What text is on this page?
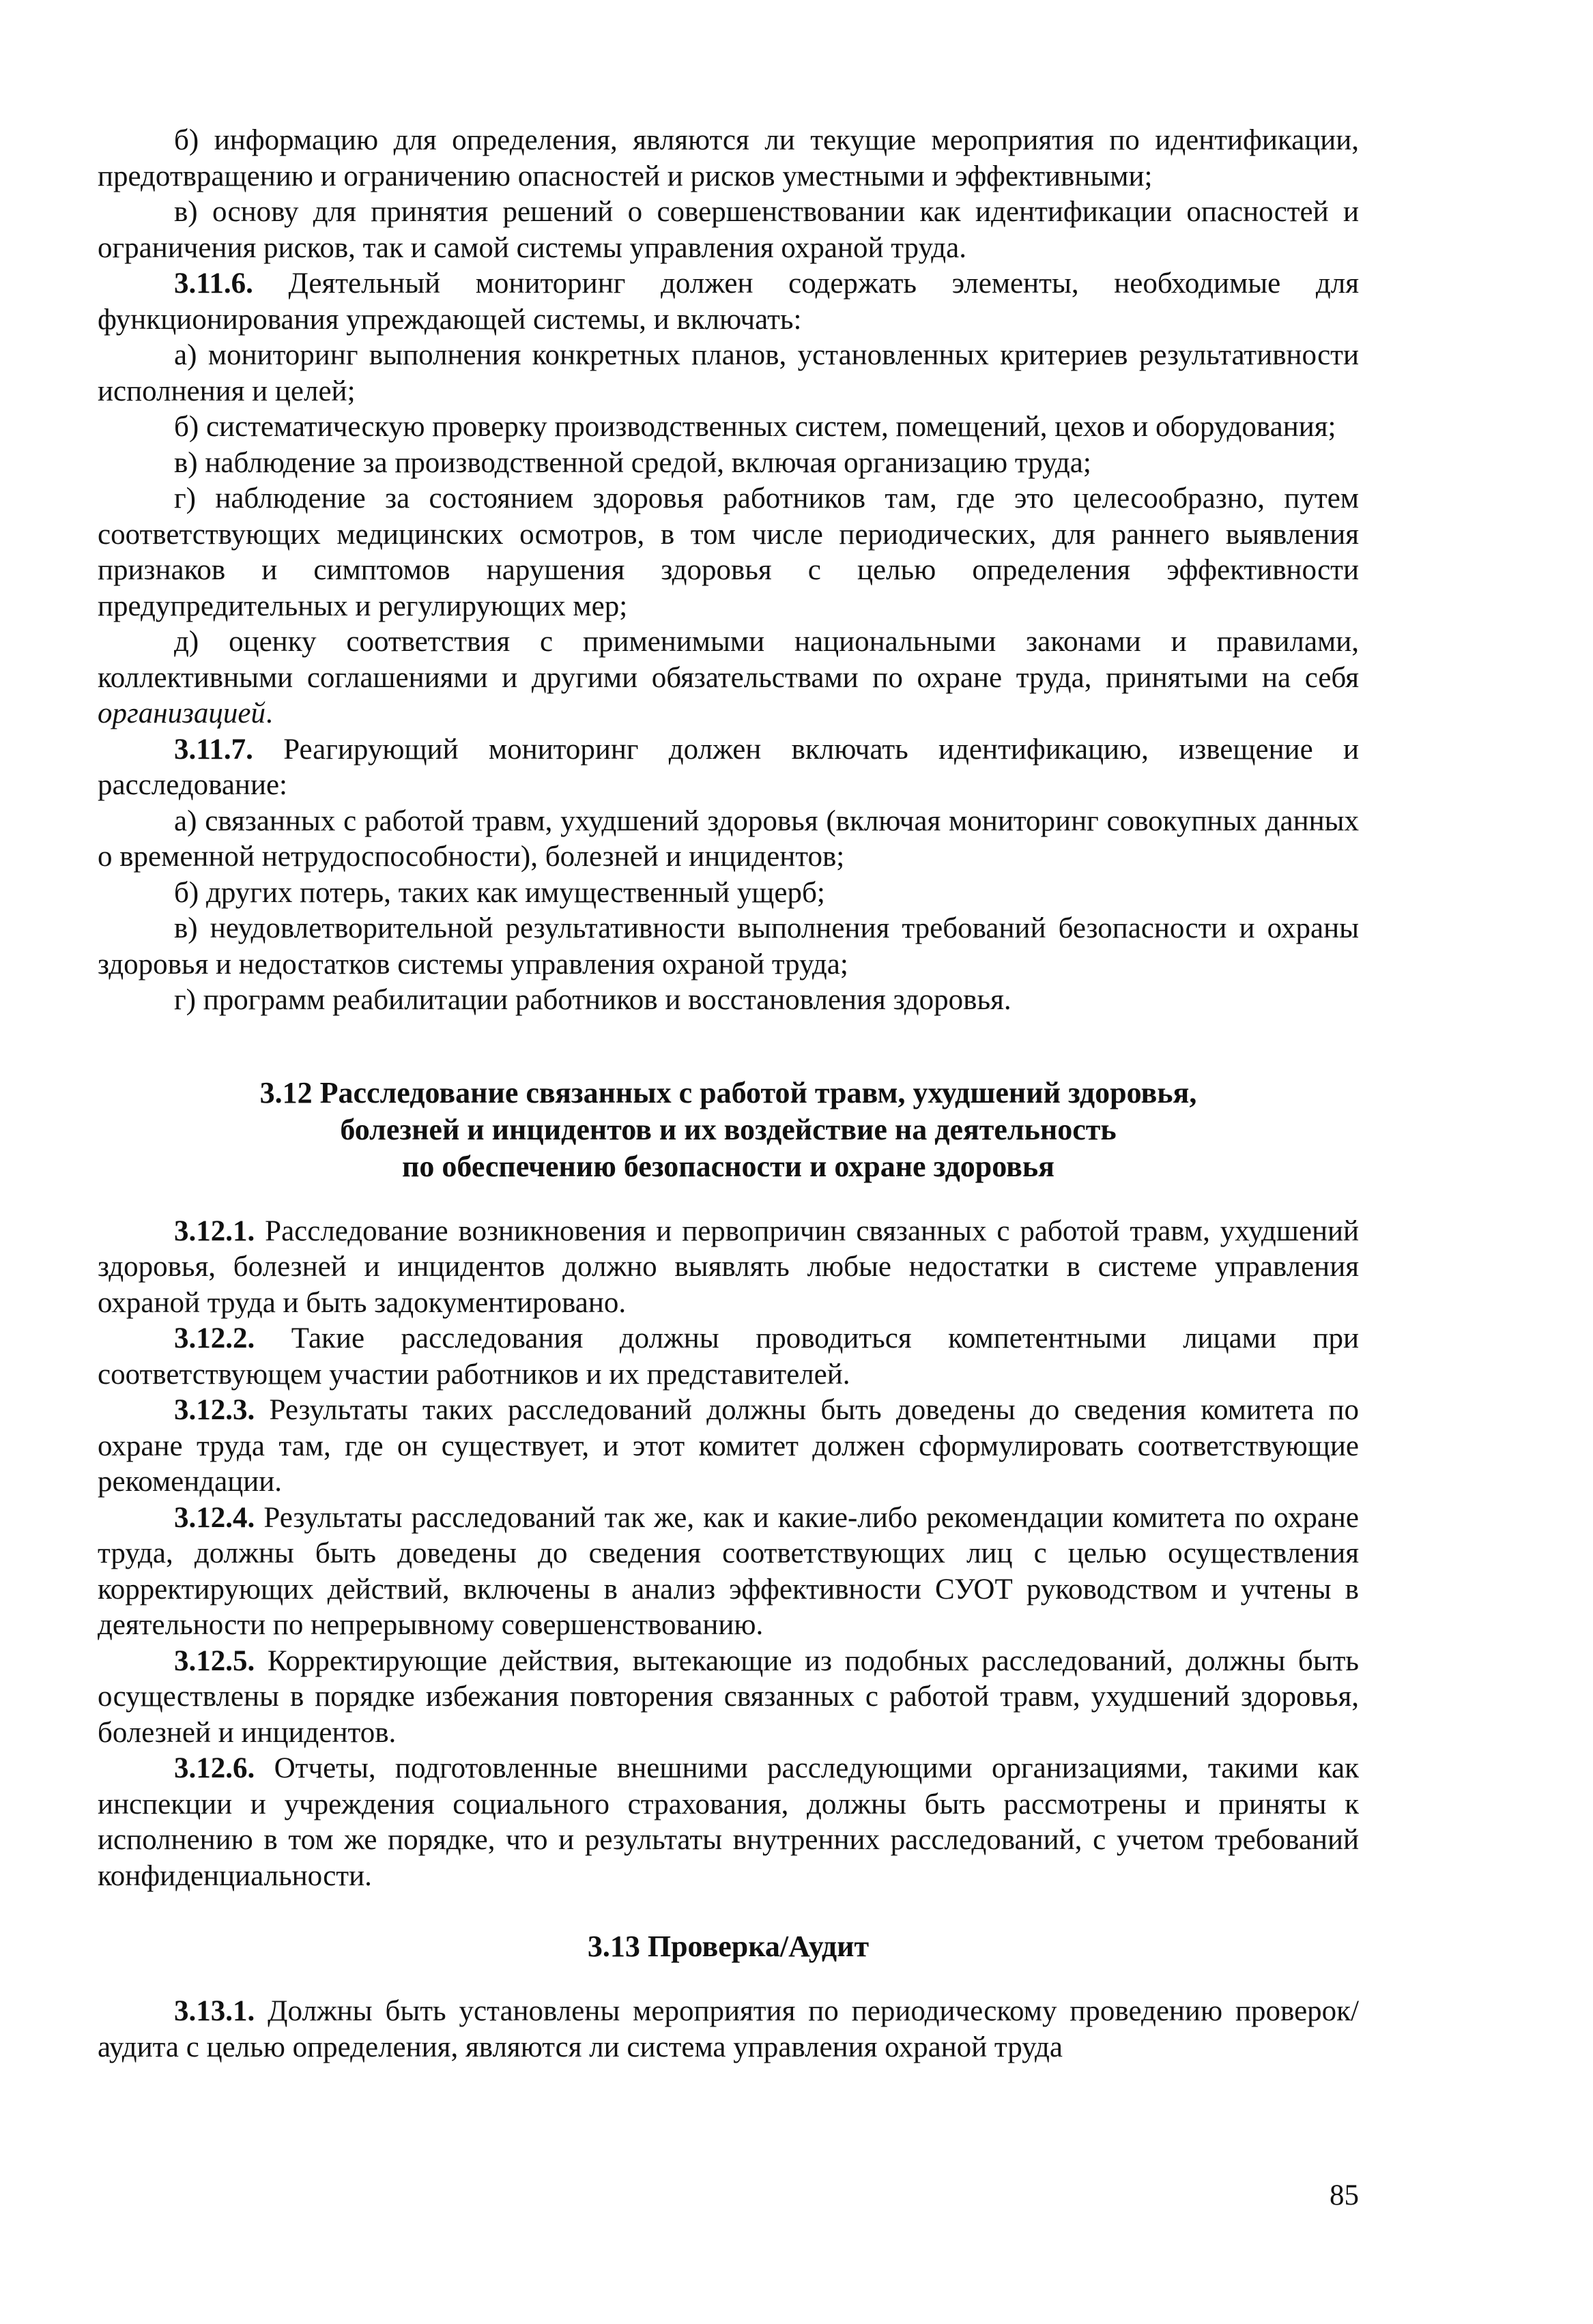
б) информацию для определения, являются ли текущие мероприятия по идентификации, предотвращению и ограничению опасностей и рисков уместными и эффективными;

в) основу для принятия решений о совершенствовании как идентификации опасностей и ограничения рисков, так и самой системы управления охраной труда.

3.11.6. Деятельный мониторинг должен содержать элементы, необходимые для функционирования упреждающей системы, и включать:

а) мониторинг выполнения конкретных планов, установленных критериев результативности исполнения и целей;

б) систематическую проверку производственных систем, помещений, цехов и оборудования;

в) наблюдение за производственной средой, включая организацию труда;

г) наблюдение за состоянием здоровья работников там, где это целесообразно, путем соответствующих медицинских осмотров, в том числе периодических, для раннего выявления признаков и симптомов нарушения здоровья с целью определения эффективности предупредительных и регулирующих мер;

д) оценку соответствия с применимыми национальными законами и правилами, коллективными соглашениями и другими обязательствами по охране труда, принятыми на себя организацией.

3.11.7. Реагирующий мониторинг должен включать идентификацию, извещение и расследование:

а) связанных с работой травм, ухудшений здоровья (включая мониторинг совокупных данных о временной нетрудоспособности), болезней и инцидентов;

б) других потерь, таких как имущественный ущерб;

в) неудовлетворительной результативности выполнения требований безопасности и охраны здоровья и недостатков системы управления охраной труда;

г) программ реабилитации работников и восстановления здоровья.

3.12 Расследование связанных с работой травм, ухудшений здоровья,
болезней и инцидентов и их воздействие на деятельность
по обеспечению безопасности и охране здоровья

3.12.1. Расследование возникновения и первопричин связанных с работой травм, ухудшений здоровья, болезней и инцидентов должно выявлять любые недостатки в системе управления охраной труда и быть задокументировано.

3.12.2. Такие расследования должны проводиться компетентными лицами при соответствующем участии работников и их представителей.

3.12.3. Результаты таких расследований должны быть доведены до сведения комитета по охране труда там, где он существует, и этот комитет должен сформулировать соответствующие рекомендации.

3.12.4. Результаты расследований так же, как и какие-либо рекомендации комитета по охране труда, должны быть доведены до сведения соответствующих лиц с целью осуществления корректирующих действий, включены в анализ эффективности СУОТ руководством и учтены в деятельности по непрерывному совершенствованию.

3.12.5. Корректирующие действия, вытекающие из подобных расследований, должны быть осуществлены в порядке избежания повторения связанных с работой травм, ухудшений здоровья, болезней и инцидентов.

3.12.6. Отчеты, подготовленные внешними расследующими организациями, такими как инспекции и учреждения социального страхования, должны быть рассмотрены и приняты к исполнению в том же порядке, что и результаты внутренних расследований, с учетом требований конфиденциальности.

3.13 Проверка/Аудит

3.13.1. Должны быть установлены мероприятия по периодическому проведению проверок/аудита с целью определения, являются ли система управления охраной труда

85
